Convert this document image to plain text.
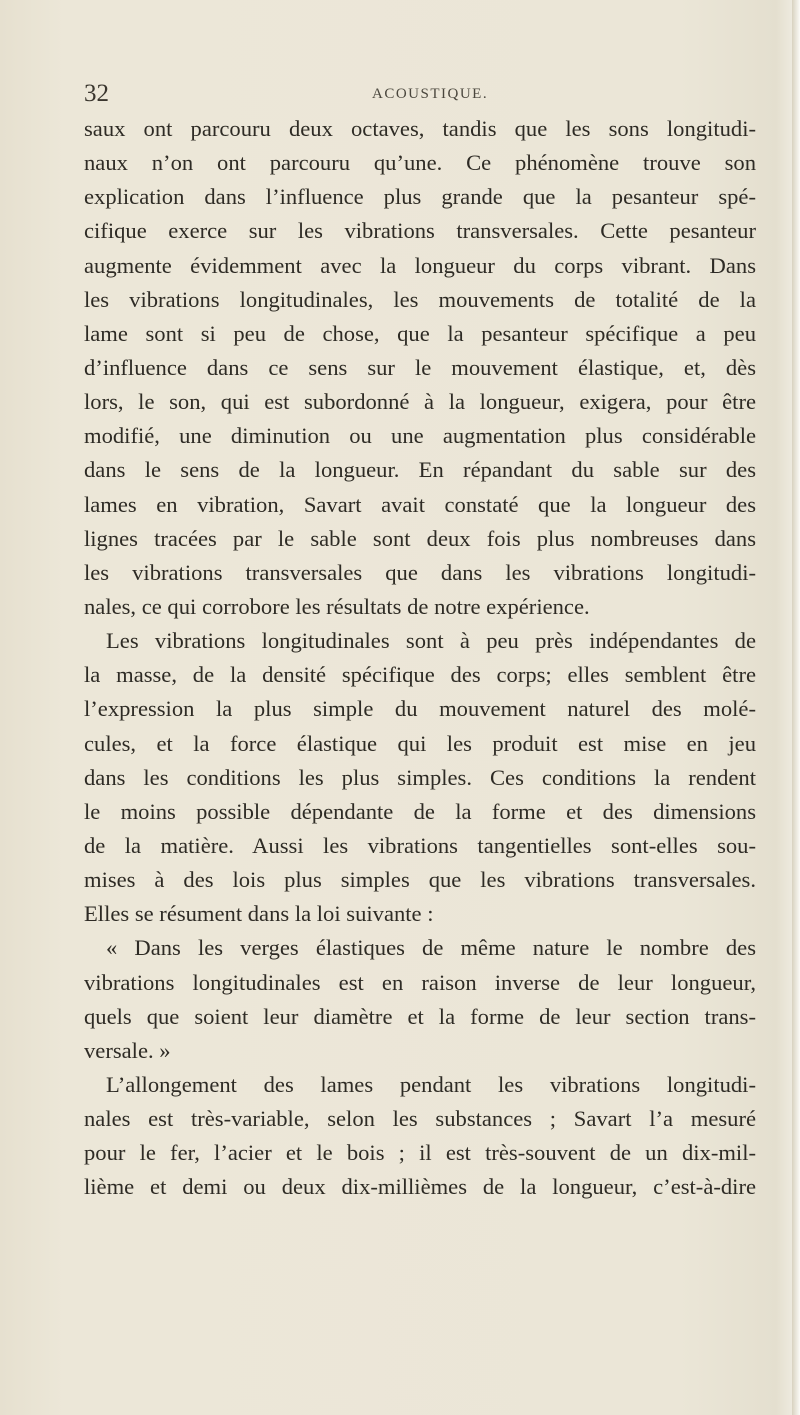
32	ACOUSTIQUE.
saux ont parcouru deux octaves, tandis que les sons longitudi-
naux n’on ont parcouru qu’une. Ce phénomène trouve son
explication dans l’influence plus grande que la pesanteur spé-
cifique exerce sur les vibrations transversales. Cette pesanteur
augmente évidemment avec la longueur du corps vibrant. Dans
les vibrations longitudinales, les mouvements de totalité de la
lame sont si peu de chose, que la pesanteur spécifique a peu
d’influence dans ce sens sur le mouvement élastique, et, dès
lors, le son, qui est subordonné à la longueur, exigera, pour être
modifié, une diminution ou une augmentation plus considérable
dans le sens de la longueur. En répandant du sable sur des
lames en vibration, Savart avait constaté que la longueur des
lignes tracées par le sable sont deux fois plus nombreuses dans
les vibrations transversales que dans les vibrations longitudi-
nales, ce qui corrobore les résultats de notre expérience.
Les vibrations longitudinales sont à peu près indépendantes de
la masse, de la densité spécifique des corps; elles semblent être
l’expression la plus simple du mouvement naturel des molé-
cules, et la force élastique qui les produit est mise en jeu
dans les conditions les plus simples. Ces conditions la rendent
le moins possible dépendante de la forme et des dimensions
de la matière. Aussi les vibrations tangentielles sont-elles sou-
mises à des lois plus simples que les vibrations transversales.
Elles se résument dans la loi suivante :
« Dans les verges élastiques de même nature le nombre des
vibrations longitudinales est en raison inverse de leur longueur,
quels que soient leur diamètre et la forme de leur section trans-
versale. »
L’allongement des lames pendant les vibrations longitudi-
nales est très-variable, selon les substances ; Savart l’a mesuré
pour le fer, l’acier et le bois ; il est très-souvent de un dix-mil-
lième et demi ou deux dix-millièmes de la longueur, c’est-à-dire
